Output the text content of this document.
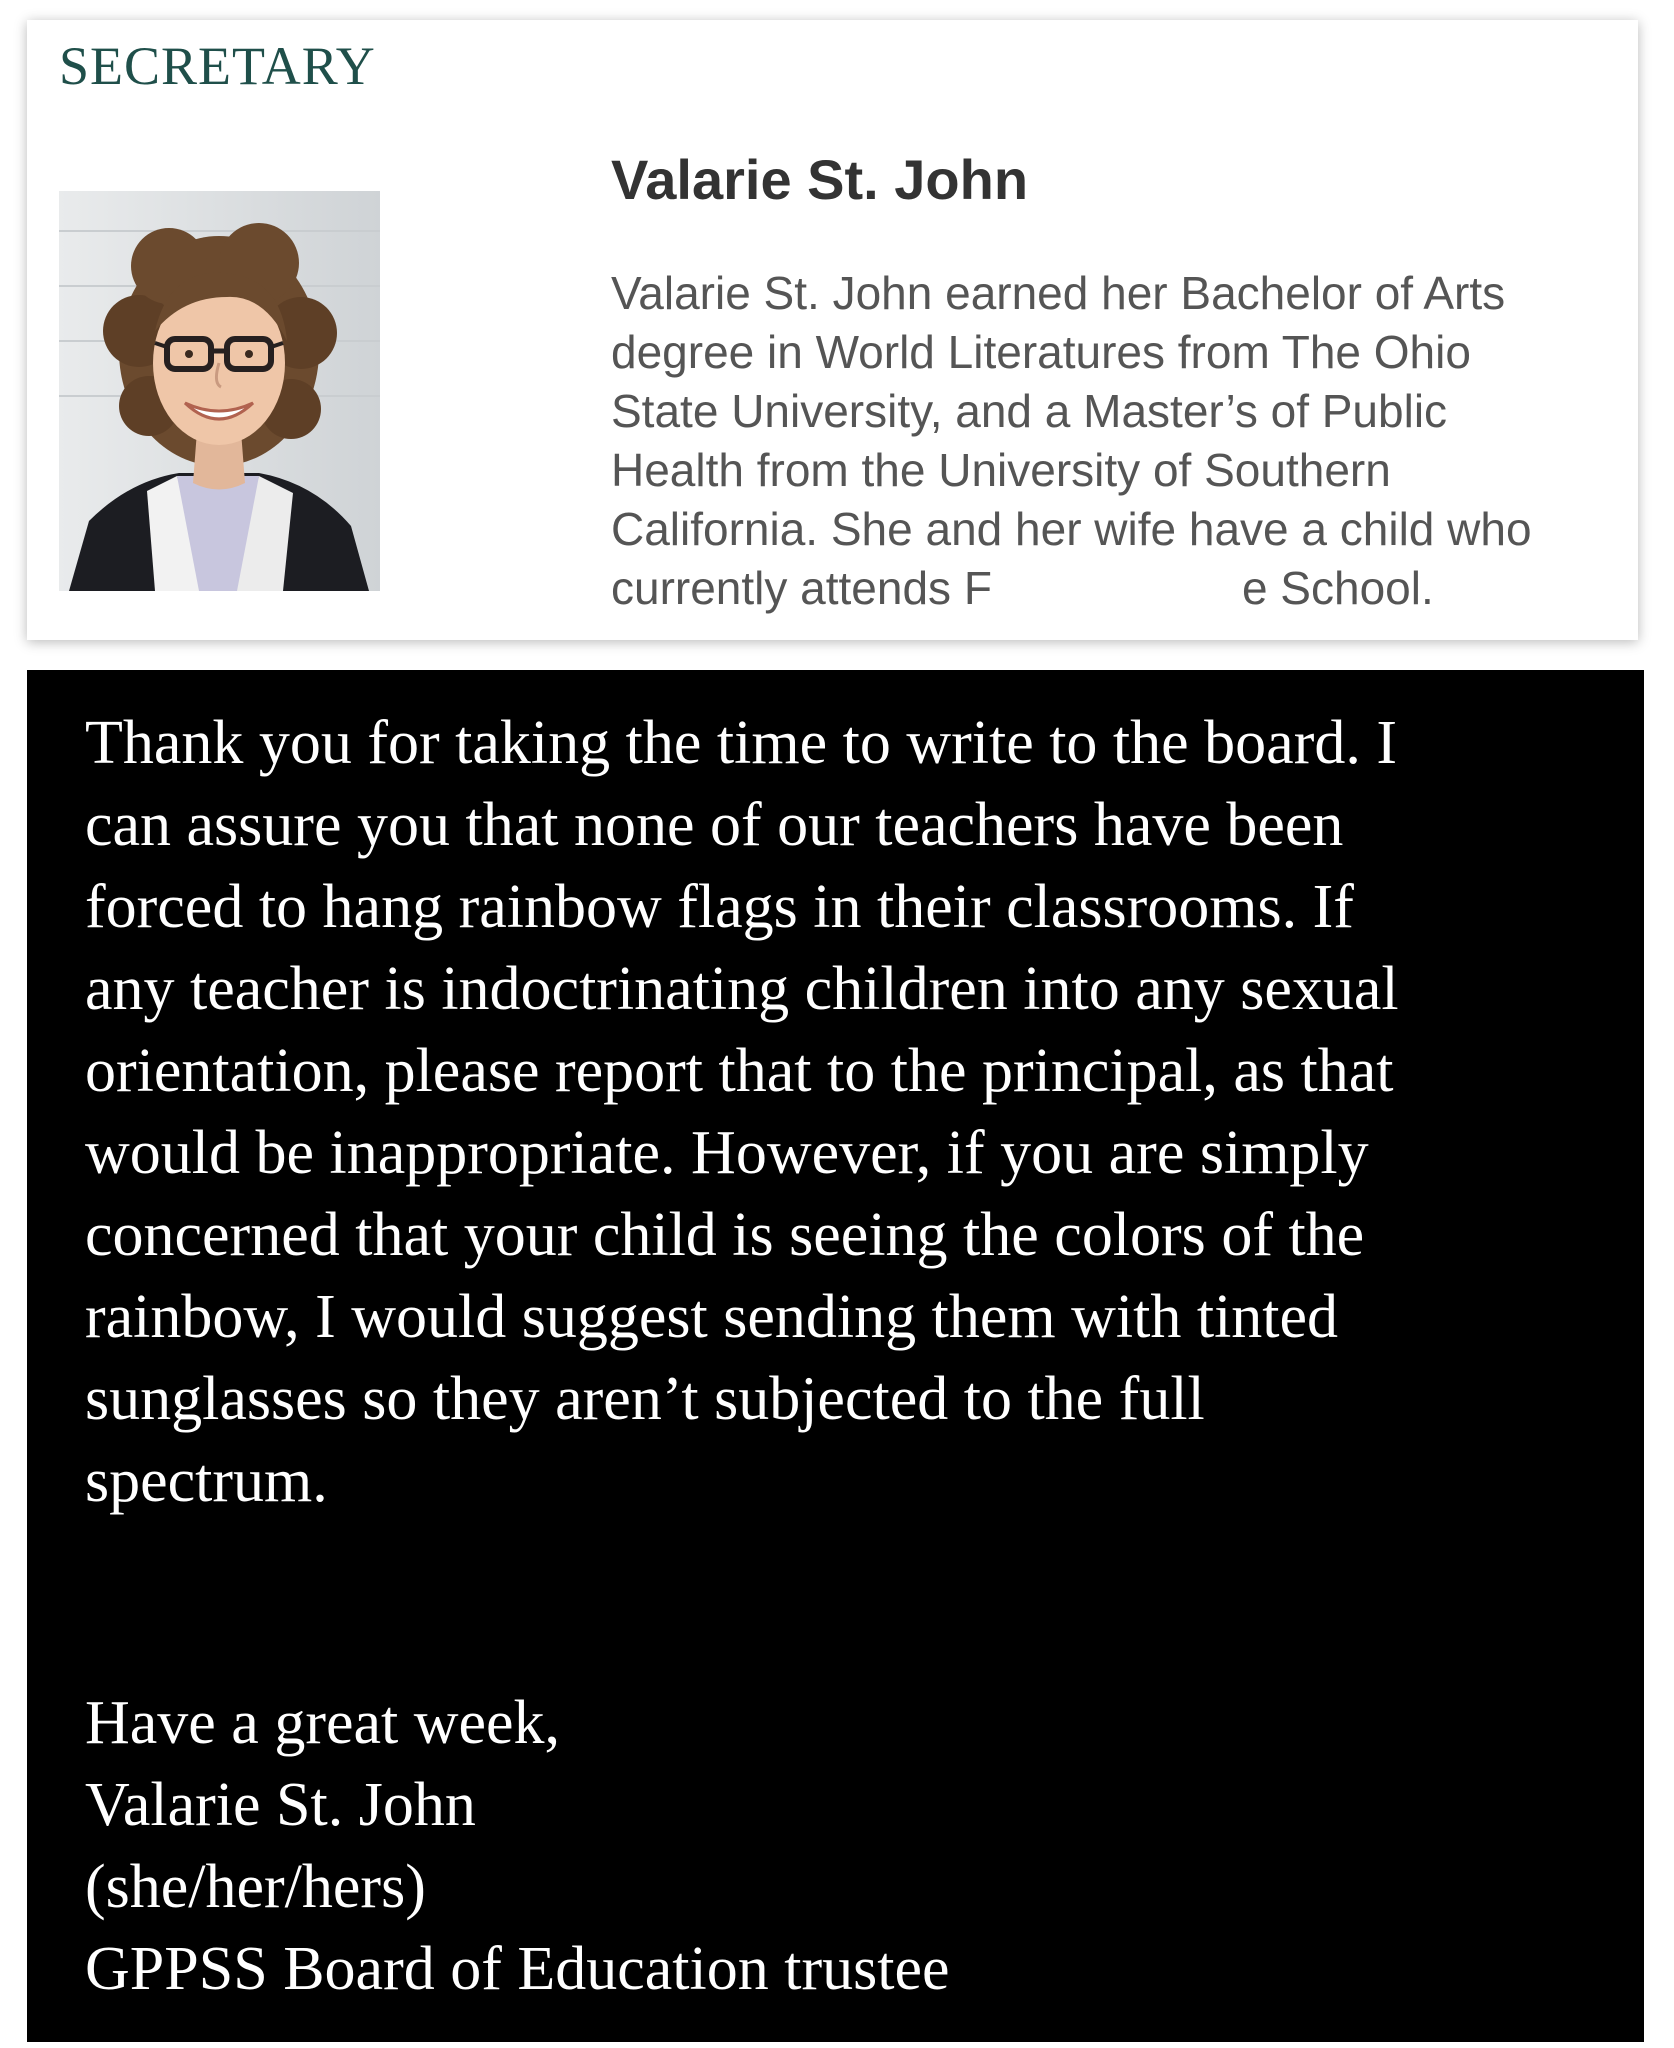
SECRETARY
Valarie St. John

Valarie St. John earned her Bachelor of Arts
degree in World Literatures from The Ohio
State University, and a Master’s of Public
Health from the University of Southern
California. She and her wife have a child who
currently attends F	e School.

Thank you for taking the time to write to the board. I
can assure you that none of our teachers have been
forced to hang rainbow flags in their classrooms. If
any teacher is indoctrinating children into any sexual
orientation, please report that to the principal, as that
would be inappropriate. However, if you are simply
concerned that your child is seeing the colors of the
rainbow, I would suggest sending them with tinted
sunglasses so they aren’t subjected to the full
spectrum.

Have a great week,
Valarie St. John
(she/her/hers)
GPPSS Board of Education trustee
